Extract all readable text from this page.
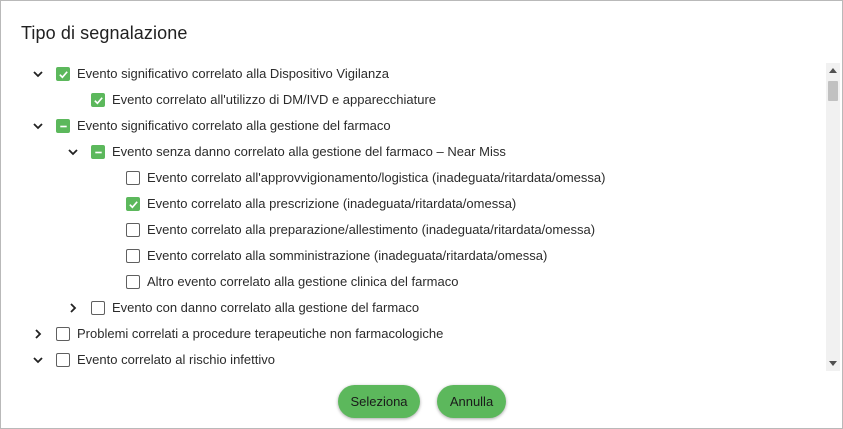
Tipo di segnalazione
Evento significativo correlato alla Dispositivo Vigilanza
Evento correlato all'utilizzo di DM/IVD e apparecchiature
Evento significativo correlato alla gestione del farmaco
Evento senza danno correlato alla gestione del farmaco – Near Miss
Evento correlato all'approvvigionamento/logistica (inadeguata/ritardata/omessa)
Evento correlato alla prescrizione (inadeguata/ritardata/omessa)
Evento correlato alla preparazione/allestimento (inadeguata/ritardata/omessa)
Evento correlato alla somministrazione (inadeguata/ritardata/omessa)
Altro evento correlato alla gestione clinica del farmaco
Evento con danno correlato alla gestione del farmaco
Problemi correlati a procedure terapeutiche non farmacologiche
Evento correlato al rischio infettivo
Seleziona	Annulla
